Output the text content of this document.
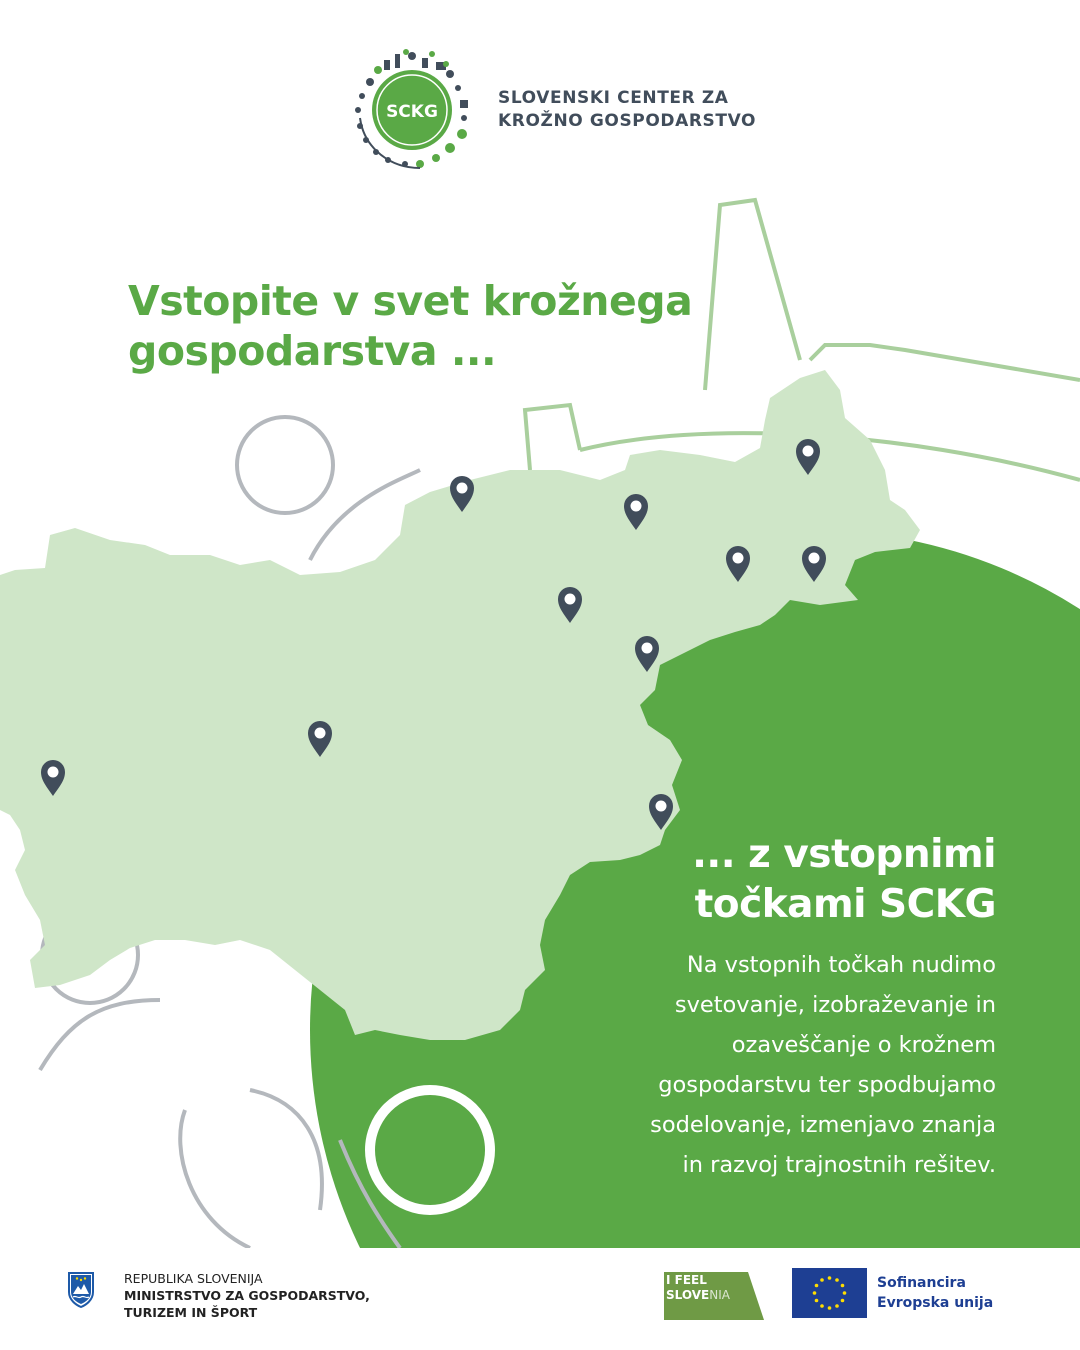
SCKG
SLOVENSKI CENTER ZA
KROŽNO GOSPODARSTVO
Vstopite v svet krožnega
gospodarstva ...
... z vstopnimi
točkami SCKG
Na vstopnih točkah nudimo
svetovanje, izobraževanje in
ozaveščanje o krožnem
gospodarstvu ter spodbujamo
sodelovanje, izmenjavo znanja
in razvoj trajnostnih rešitev.
REPUBLIKA SLOVENIJA
MINISTRSTVO ZA GOSPODARSTVO,
TURIZEM IN ŠPORT
I FEEL
SLOVENIA
Sofinancira
Evropska unija
